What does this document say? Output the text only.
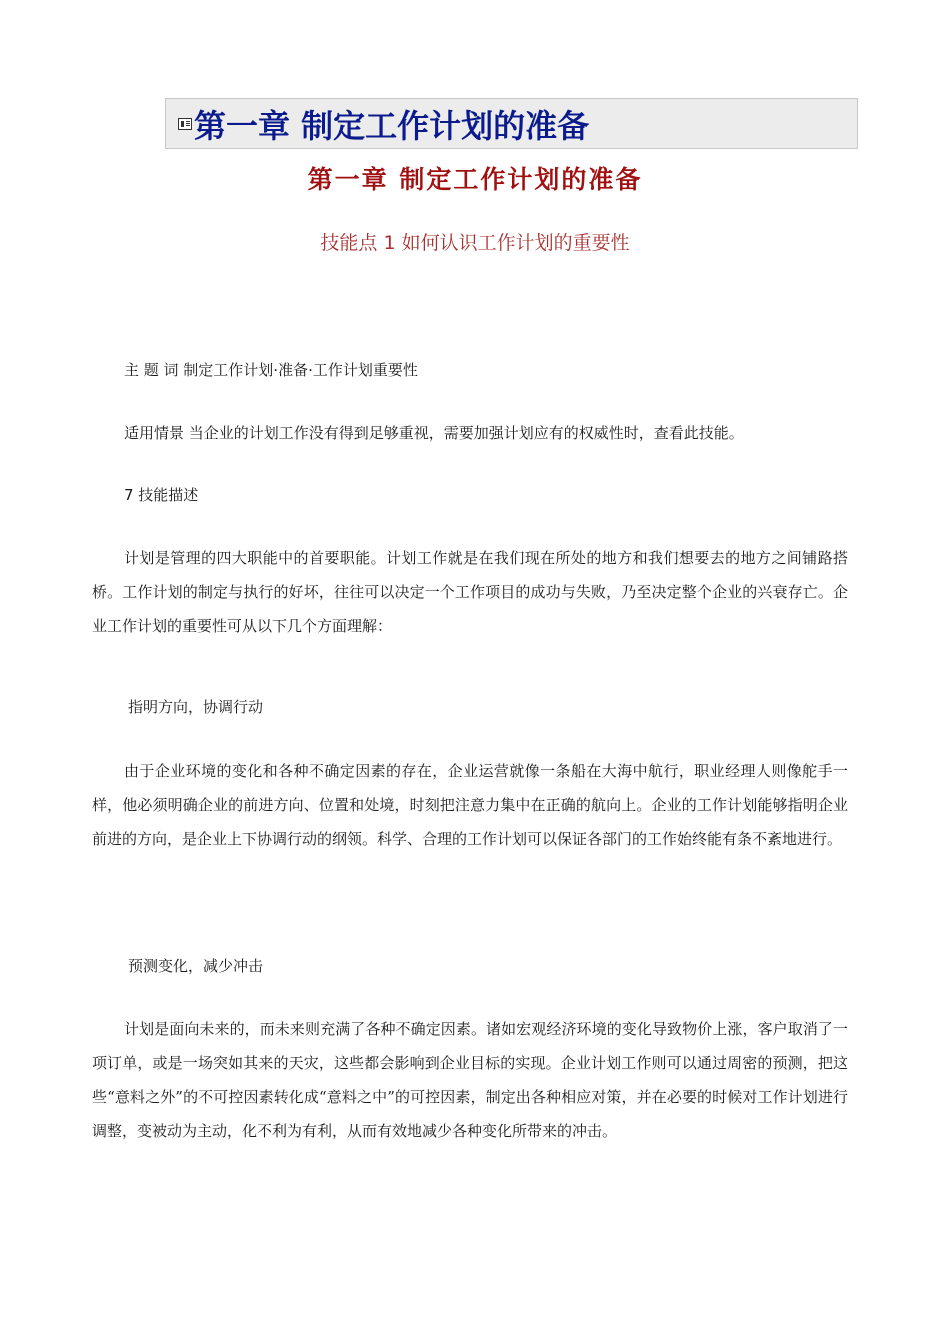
第一章 制定工作计划的准备
第一章 制定工作计划的准备
技能点 1 如何认识工作计划的重要性
主 题 词 制定工作计划·准备·工作计划重要性
适用情景 当企业的计划工作没有得到足够重视，需要加强计划应有的权威性时，查看此技能。
7 技能描述

计划是管理的四大职能中的首要职能。计划工作就是在我们现在所处的地方和我们想要去的地方之间铺路搭桥。工作计划的制定与执行的好坏，往往可以决定一个工作项目的成功与失败，乃至决定整个企业的兴衰存亡。企业工作计划的重要性可从以下几个方面理解：

指明方向，协调行动

由于企业环境的变化和各种不确定因素的存在，企业运营就像一条船在大海中航行，职业经理人则像舵手一样，他必须明确企业的前进方向、位置和处境，时刻把注意力集中在正确的航向上。企业的工作计划能够指明企业前进的方向，是企业上下协调行动的纲领。科学、合理的工作计划可以保证各部门的工作始终能有条不紊地进行。

预测变化，减少冲击

计划是面向未来的，而未来则充满了各种不确定因素。诸如宏观经济环境的变化导致物价上涨，客户取消了一项订单，或是一场突如其来的天灾，这些都会影响到企业目标的实现。企业计划工作则可以通过周密的预测，把这些“意料之外”的不可控因素转化成“意料之中”的可控因素，制定出各种相应对策，并在必要的时候对工作计划进行调整，变被动为主动，化不利为有利，从而有效地减少各种变化所带来的冲击。
